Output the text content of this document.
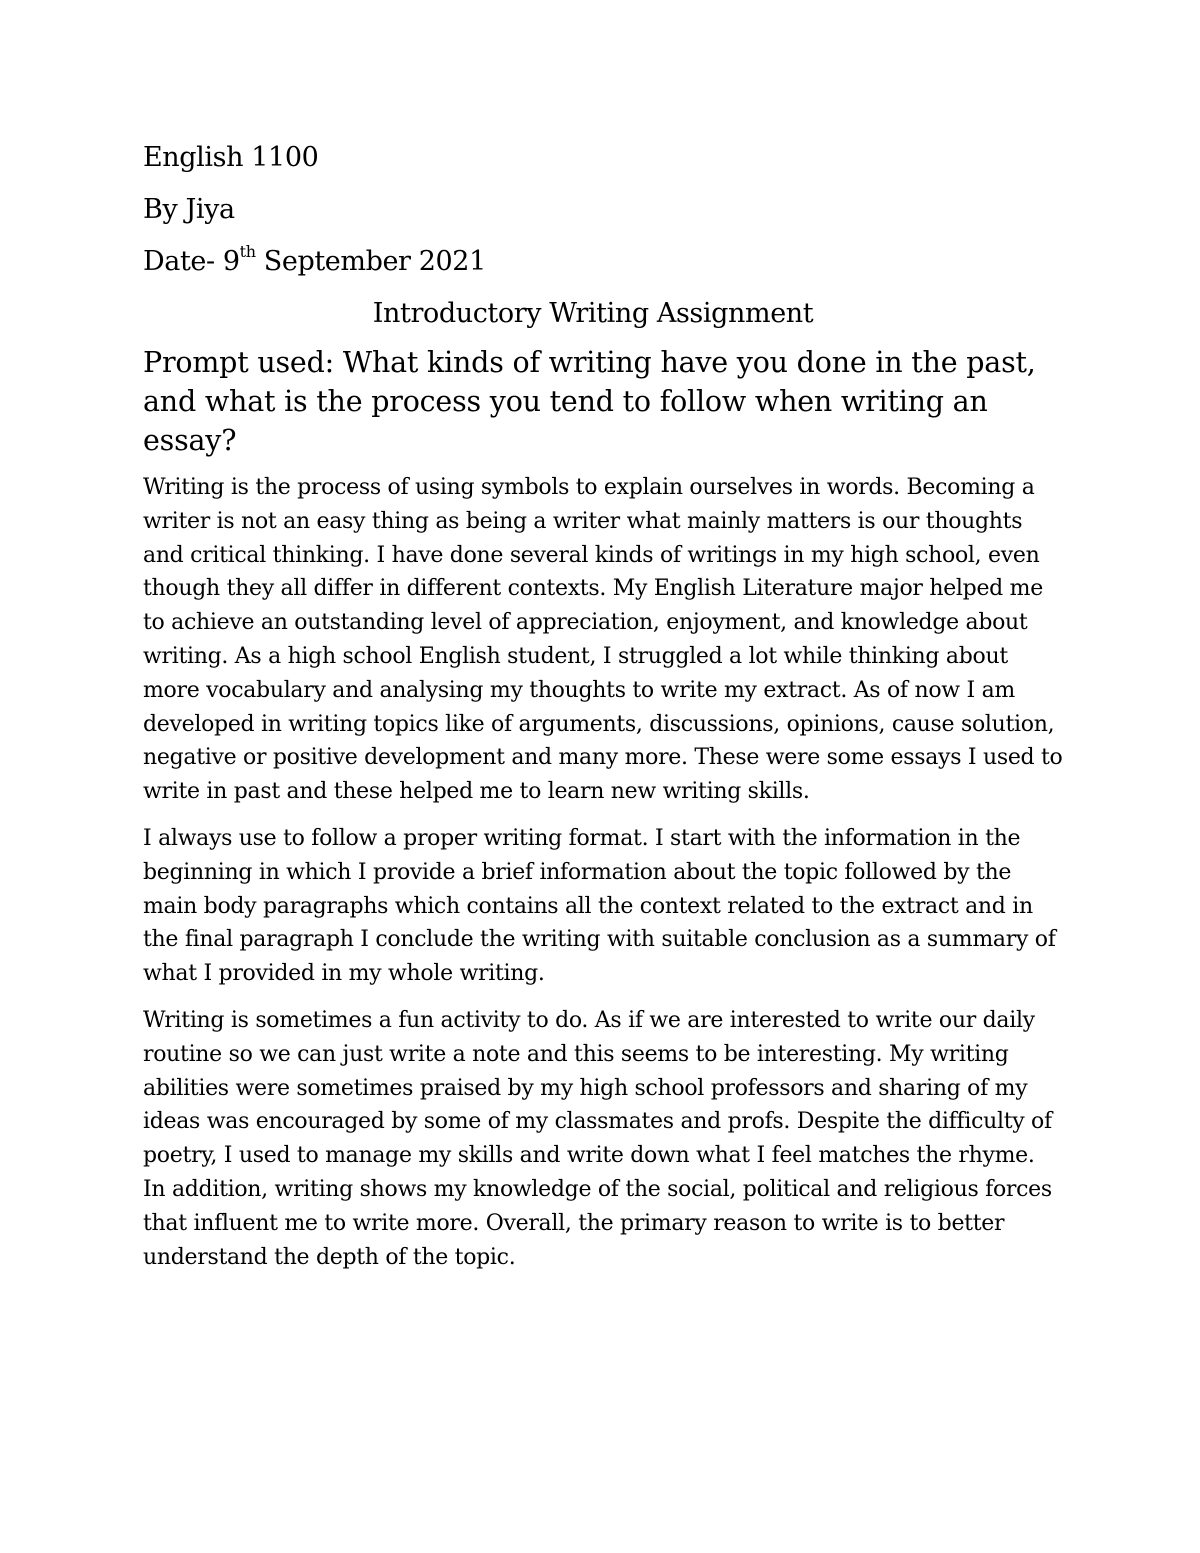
English 1100
By Jiya
Date- 9th September 2021
Introductory Writing Assignment
Prompt used: What kinds of writing have you done in the past, and what is the process you tend to follow when writing an essay?

Writing is the process of using symbols to explain ourselves in words. Becoming a writer is not an easy thing as being a writer what mainly matters is our thoughts and critical thinking. I have done several kinds of writings in my high school, even though they all differ in different contexts. My English Literature major helped me to achieve an outstanding level of appreciation, enjoyment, and knowledge about writing. As a high school English student, I struggled a lot while thinking about more vocabulary and analysing my thoughts to write my extract. As of now I am developed in writing topics like of arguments, discussions, opinions, cause solution, negative or positive development and many more. These were some essays I used to write in past and these helped me to learn new writing skills.

I always use to follow a proper writing format. I start with the information in the beginning in which I provide a brief information about the topic followed by the main body paragraphs which contains all the context related to the extract and in the final paragraph I conclude the writing with suitable conclusion as a summary of what I provided in my whole writing.

Writing is sometimes a fun activity to do. As if we are interested to write our daily routine so we can just write a note and this seems to be interesting. My writing abilities were sometimes praised by my high school professors and sharing of my ideas was encouraged by some of my classmates and profs. Despite the difficulty of poetry, I used to manage my skills and write down what I feel matches the rhyme. In addition, writing shows my knowledge of the social, political and religious forces that influent me to write more. Overall, the primary reason to write is to better understand the depth of the topic.
